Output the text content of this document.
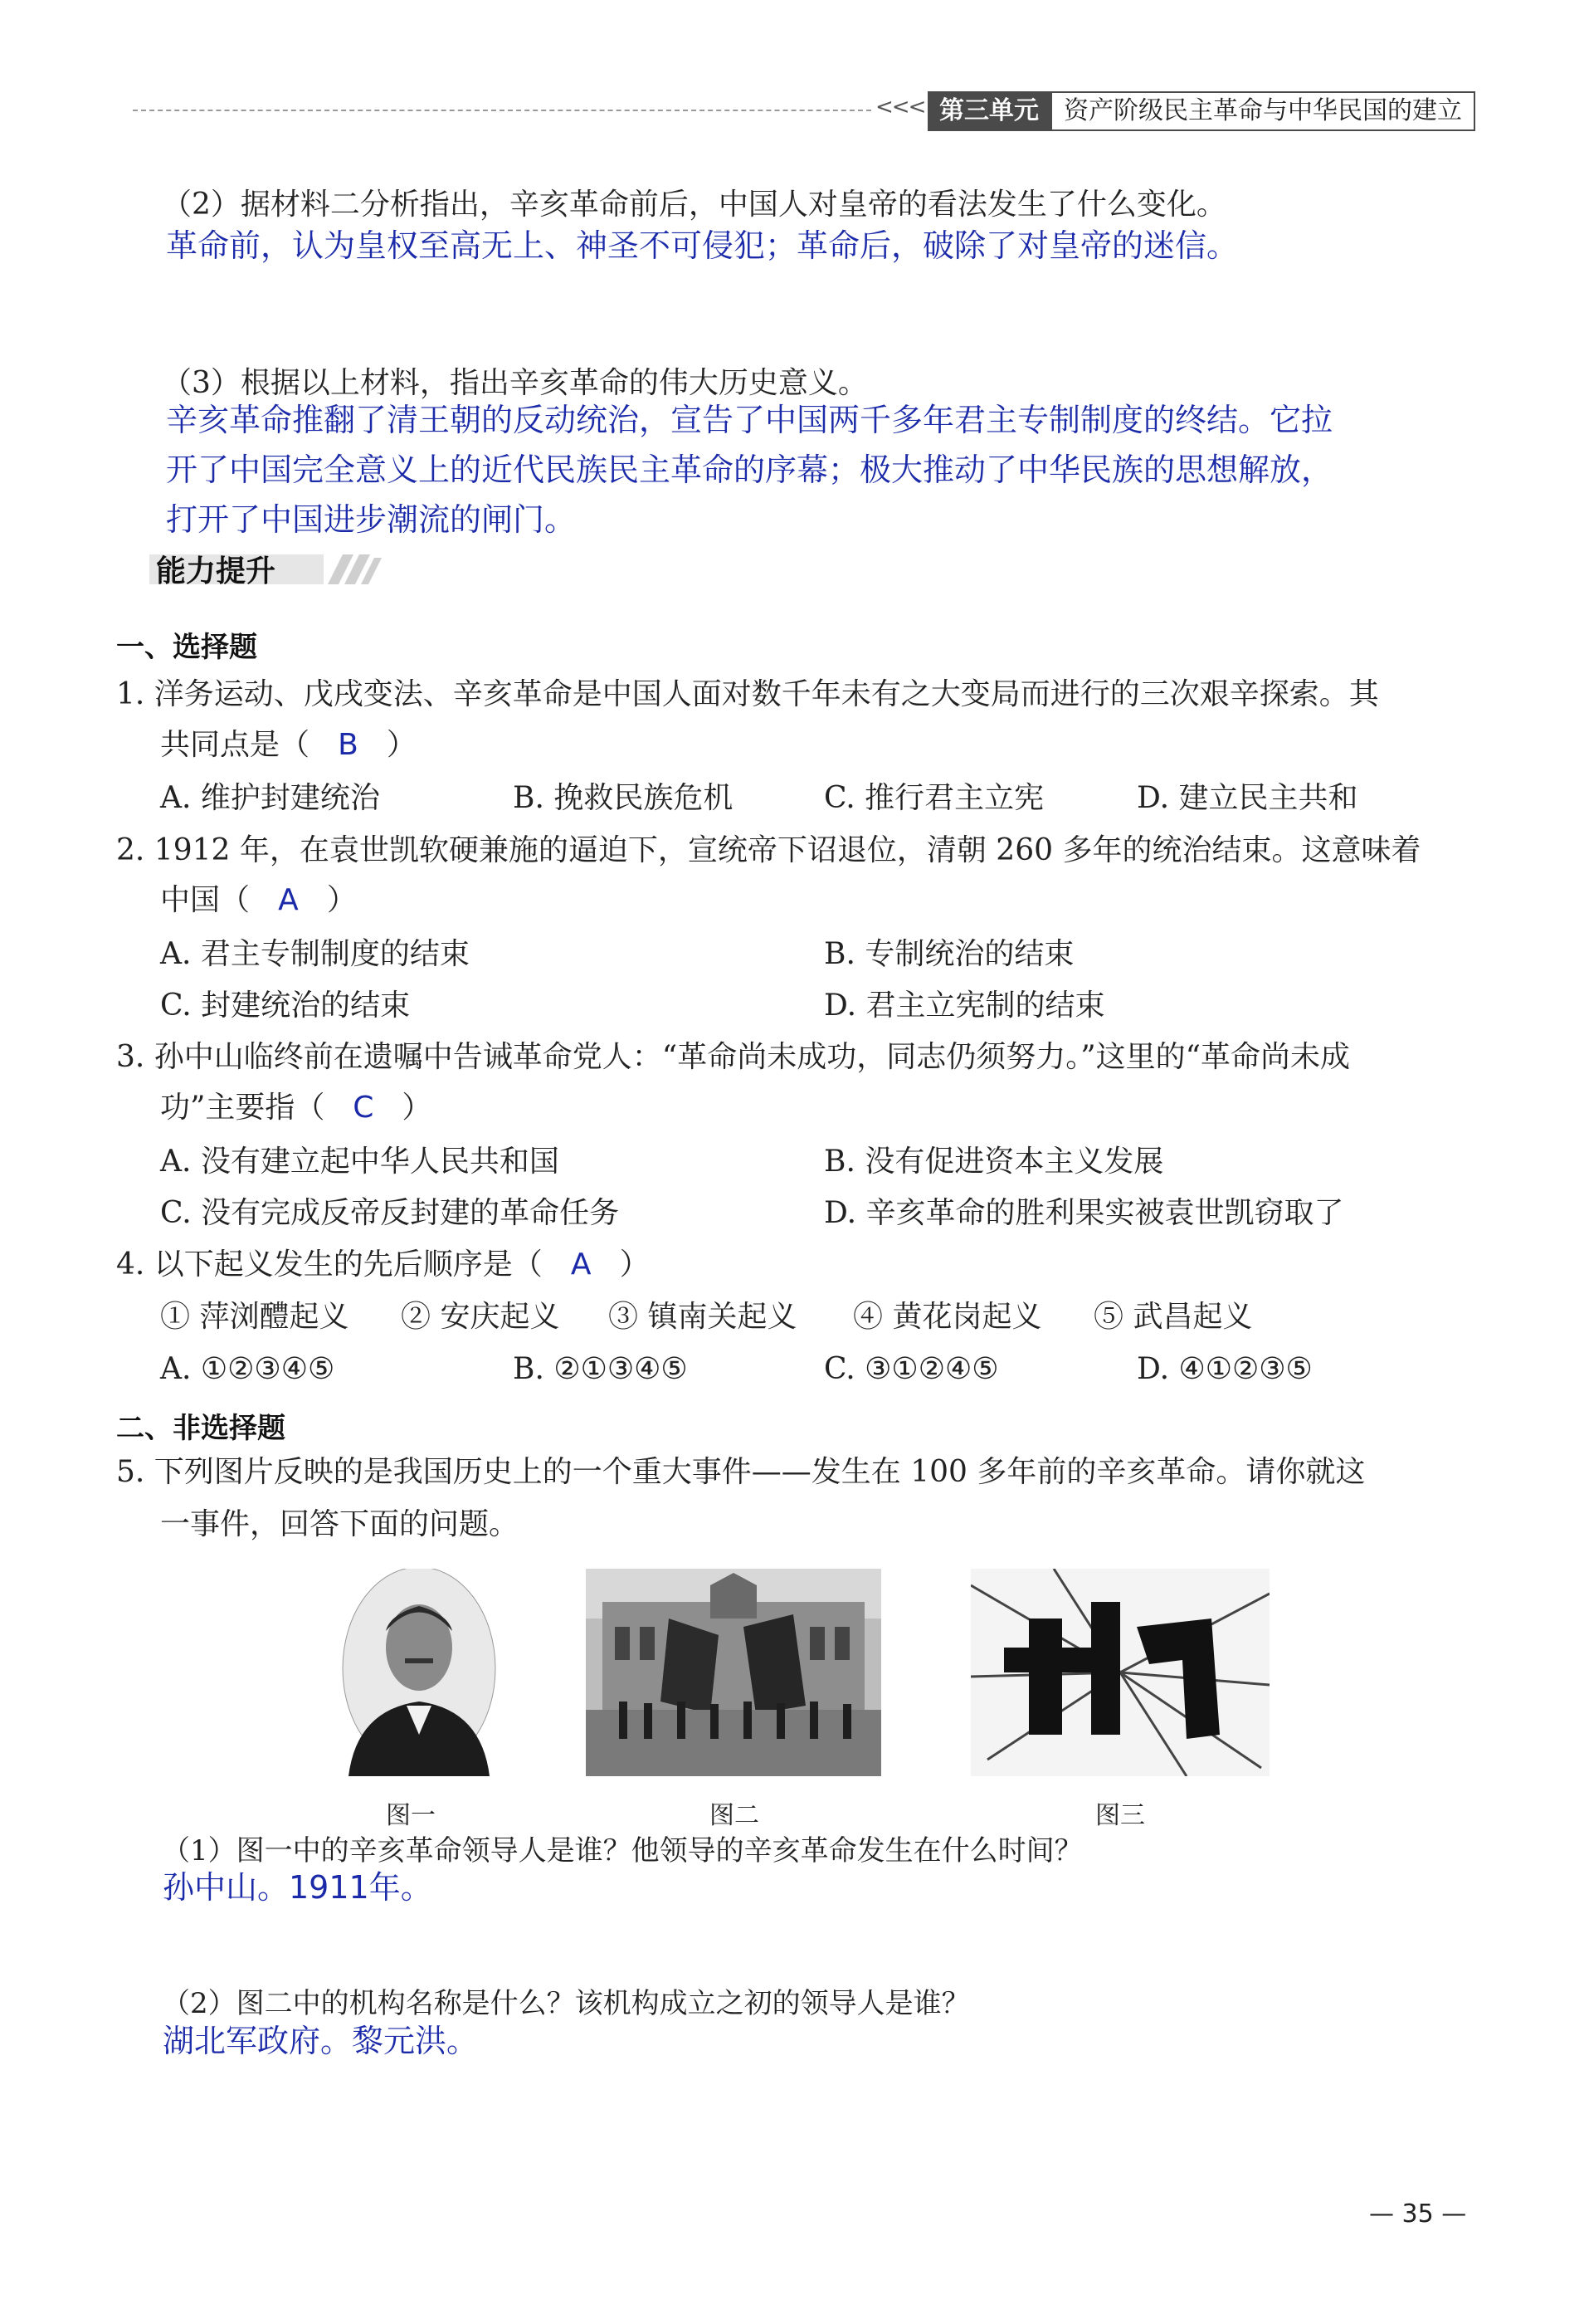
<<< 第三单元	资产阶级民主革命与中华民国的建立
（2）据材料二分析指出，辛亥革命前后，中国人对皇帝的看法发生了什么变化。
革命前，认为皇权至高无上、神圣不可侵犯；革命后，破除了对皇帝的迷信。
（3）根据以上材料，指出辛亥革命的伟大历史意义。
辛亥革命推翻了清王朝的反动统治，宣告了中国两千多年君主专制制度的终结。它拉
开了中国完全意义上的近代民族民主革命的序幕；极大推动了中华民族的思想解放，
打开了中国进步潮流的闸门。
能力提升
一、选择题
1. 洋务运动、戊戌变法、辛亥革命是中国人面对数千年未有之大变局而进行的三次艰辛探索。其
共同点是（ B ）
A. 维护封建统治	B. 挽救民族危机	C. 推行君主立宪	D. 建立民主共和
2. 1912 年，在袁世凯软硬兼施的逼迫下，宣统帝下诏退位，清朝 260 多年的统治结束。这意味着
中国（ A ）
A. 君主专制制度的结束	B. 专制统治的结束
C. 封建统治的结束	D. 君主立宪制的结束
3. 孙中山临终前在遗嘱中告诫革命党人：“革命尚未成功，同志仍须努力。”这里的“革命尚未成
功”主要指（ C ）
A. 没有建立起中华人民共和国	B. 没有促进资本主义发展
C. 没有完成反帝反封建的革命任务	D. 辛亥革命的胜利果实被袁世凯窃取了
4. 以下起义发生的先后顺序是（ A ）
① 萍浏醴起义 ② 安庆起义 ③ 镇南关起义 ④ 黄花岗起义 ⑤ 武昌起义
A. ①②③④⑤	B. ②①③④⑤	C. ③①②④⑤	D. ④①②③⑤
二、非选择题
5. 下列图片反映的是我国历史上的一个重大事件——发生在 100 多年前的辛亥革命。请你就这
一事件，回答下面的问题。
图一	图二	图三
（1）图一中的辛亥革命领导人是谁？他领导的辛亥革命发生在什么时间？
孙中山。1911年。
（2）图二中的机构名称是什么？该机构成立之初的领导人是谁？
湖北军政府。黎元洪。
— 35 —
